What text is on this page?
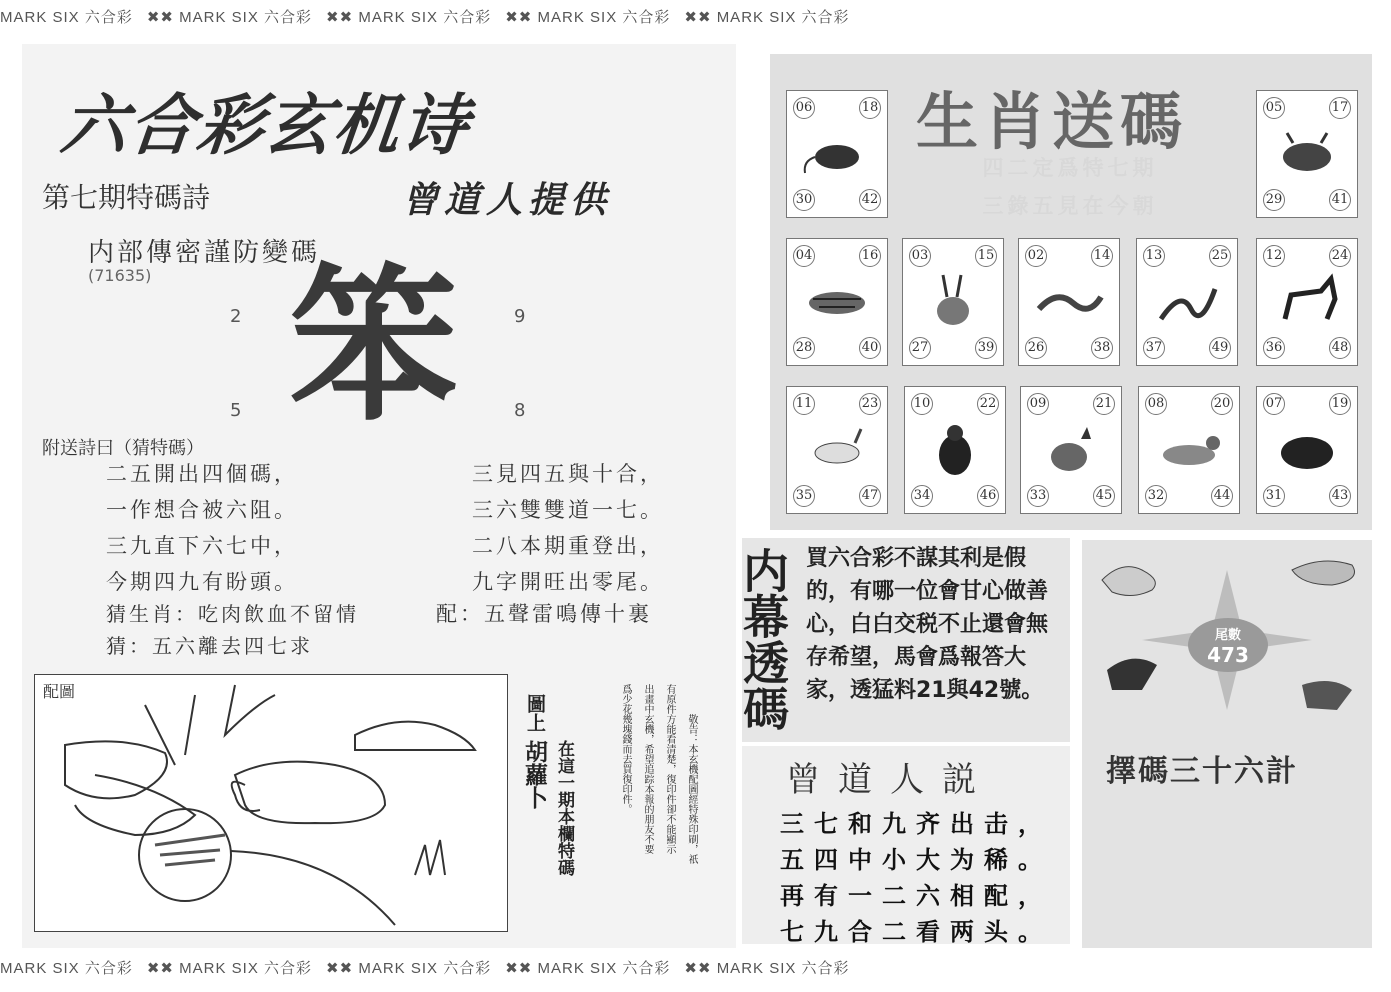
MARK SIX 六合彩 ✖✖ MARK SIX 六合彩 ✖✖ MARK SIX 六合彩 ✖✖ MARK SIX 六合彩 ✖✖ MARK SIX 六合彩
六合彩玄机诗
第七期特碼詩	曾道人提供
内部傳密謹防變碼
(71635) 笨
2	9
5	8
附送詩曰（猜特碼）
二五開出四個碼，
一作想合被六阻。
三九直下六七中，
今期四九有盼頭。
三見四五與十合，
三六雙雙道一七。
二八本期重登出，
九字開旺出零尾。
猜生肖：吃肉飲血不留情	配：五聲雷鳴傳十裏
猜：五六離去四七求
配圖
圖上
胡蘿卜 在這一期本欄特碼	敬告：本玄機配圖經特殊印刷，祇
有原件方能看清楚，復印件卻不能顯示
出畫中玄機，希望追踪本報的朋友不要
爲少花幾塊錢而去買復印件。
生肖送碼
四二定爲特七期
三錄五見在今朝
06	18
30	42
05	17
29	41
04	16
28	40
03	15
27	39
02	14
26	38
13	25
37	49
12	24
36	48
11	23
35	47
10	22
34	46
09	21
33	45
08	20
32	44
07	19
31	43
内幕透碼 買六合彩不謀其利是假的，有哪一位會甘心做善心，白白交税不止還會無存希望，馬會爲報答大家，透猛料21與42號。
曾道人説
三七和九齐出击，
五四中小大为稀。
再有一二六相配，
七九合二看两头。
尾數
473
擇碼三十六計
MARK SIX 六合彩 ✖✖ MARK SIX 六合彩 ✖✖ MARK SIX 六合彩 ✖✖ MARK SIX 六合彩 ✖✖ MARK SIX 六合彩
